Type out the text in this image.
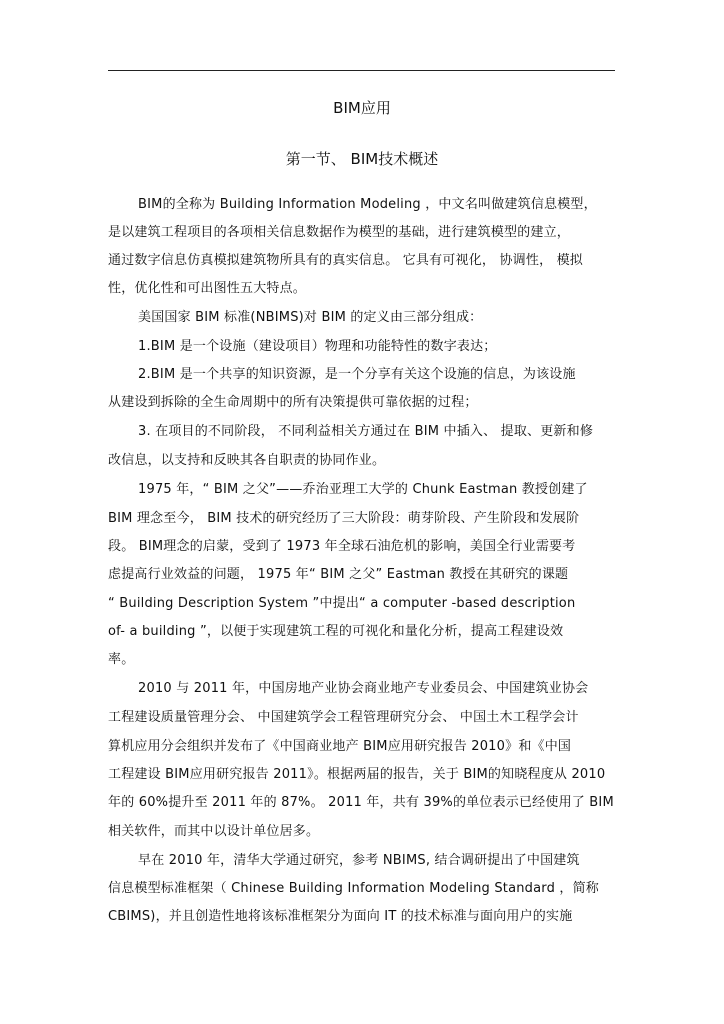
BIM应用
第一节、 BIM技术概述
BIM的全称为 Building Information Modeling ，中文名叫做建筑信息模型，
是以建筑工程项目的各项相关信息数据作为模型的基础，进行建筑模型的建立，
通过数字信息仿真模拟建筑物所具有的真实信息。 它具有可视化， 协调性， 模拟
性，优化性和可出图性五大特点。
美国国家 BIM 标准(NBIMS)对 BIM 的定义由三部分组成：
1.BIM 是一个设施（建设项目）物理和功能特性的数字表达；
2.BIM 是一个共享的知识资源，是一个分享有关这个设施的信息，为该设施
从建设到拆除的全生命周期中的所有决策提供可靠依据的过程；
3. 在项目的不同阶段， 不同利益相关方通过在 BIM 中插入、 提取、更新和修
改信息，以支持和反映其各自职责的协同作业。
1975 年，“ BIM 之父”——乔治亚理工大学的 Chunk Eastman 教授创建了
BIM 理念至今， BIM 技术的研究经历了三大阶段：萌芽阶段、产生阶段和发展阶
段。 BIM理念的启蒙，受到了 1973 年全球石油危机的影响，美国全行业需要考
虑提高行业效益的问题， 1975 年“ BIM 之父” Eastman 教授在其研究的课题
“ Building Description System ”中提出“ a computer -based description
of- a building ”，以便于实现建筑工程的可视化和量化分析，提高工程建设效
率。
2010 与 2011 年，中国房地产业协会商业地产专业委员会、中国建筑业协会
工程建设质量管理分会、 中国建筑学会工程管理研究分会、 中国土木工程学会计
算机应用分会组织并发布了《中国商业地产 BIM应用研究报告 2010》和《中国
工程建设 BIM应用研究报告 2011》。根据两届的报告，关于 BIM的知晓程度从 2010
年的 60%提升至 2011 年的 87%。 2011 年，共有 39%的单位表示已经使用了 BIM
相关软件，而其中以设计单位居多。
早在 2010 年，清华大学通过研究，参考 NBIMS, 结合调研提出了中国建筑
信息模型标准框架（ Chinese Building Information Modeling Standard ，简称
CBIMS)，并且创造性地将该标准框架分为面向 IT 的技术标准与面向用户的实施
